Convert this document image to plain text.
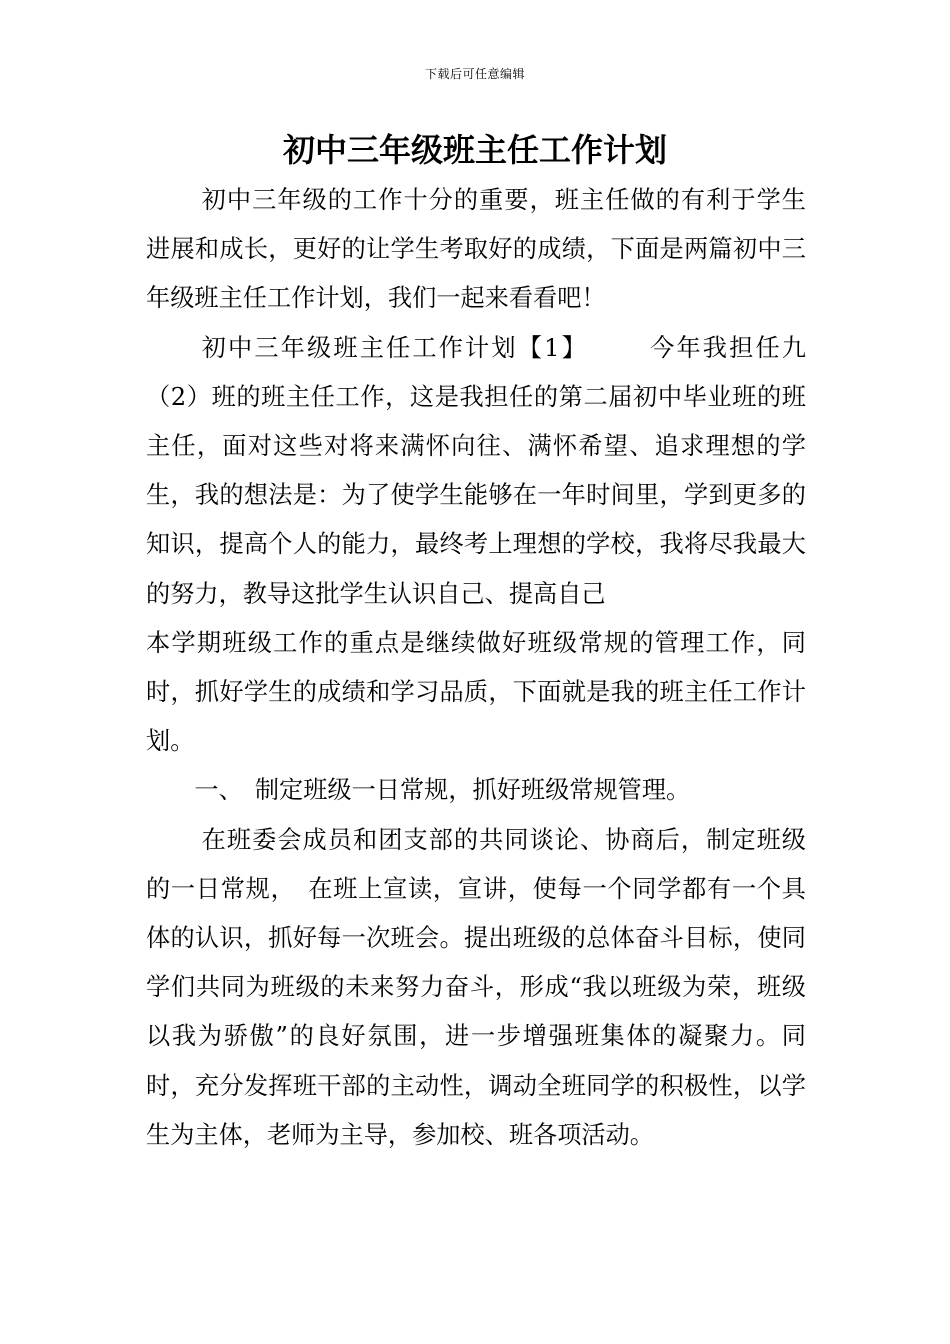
下载后可任意编辑
初中三年级班主任工作计划

初中三年级的工作十分的重要，班主任做的有利于学生进展和成长，更好的让学生考取好的成绩，下面是两篇初中三年级班主任工作计划，我们一起来看看吧！

初中三年级班主任工作计划【1】 今年我担任九（2）班的班主任工作，这是我担任的第二届初中毕业班的班主任，面对这些对将来满怀向往、满怀希望、追求理想的学生，我的想法是：为了使学生能够在一年时间里，学到更多的知识，提高个人的能力，最终考上理想的学校，我将尽我最大的努力，教导这批学生认识自己、提高自己

本学期班级工作的重点是继续做好班级常规的管理工作，同时，抓好学生的成绩和学习品质，下面就是我的班主任工作计划。

一、　制定班级一日常规，抓好班级常规管理。

在班委会成员和团支部的共同谈论、协商后，制定班级的一日常规，　在班上宣读，宣讲，使每一个同学都有一个具体的认识，抓好每一次班会。提出班级的总体奋斗目标，使同学们共同为班级的未来努力奋斗，形成“我以班级为荣，班级以我为骄傲”的良好氛围，进一步增强班集体的凝聚力。同时，充分发挥班干部的主动性，调动全班同学的积极性，以学生为主体，老师为主导，参加校、班各项活动。
